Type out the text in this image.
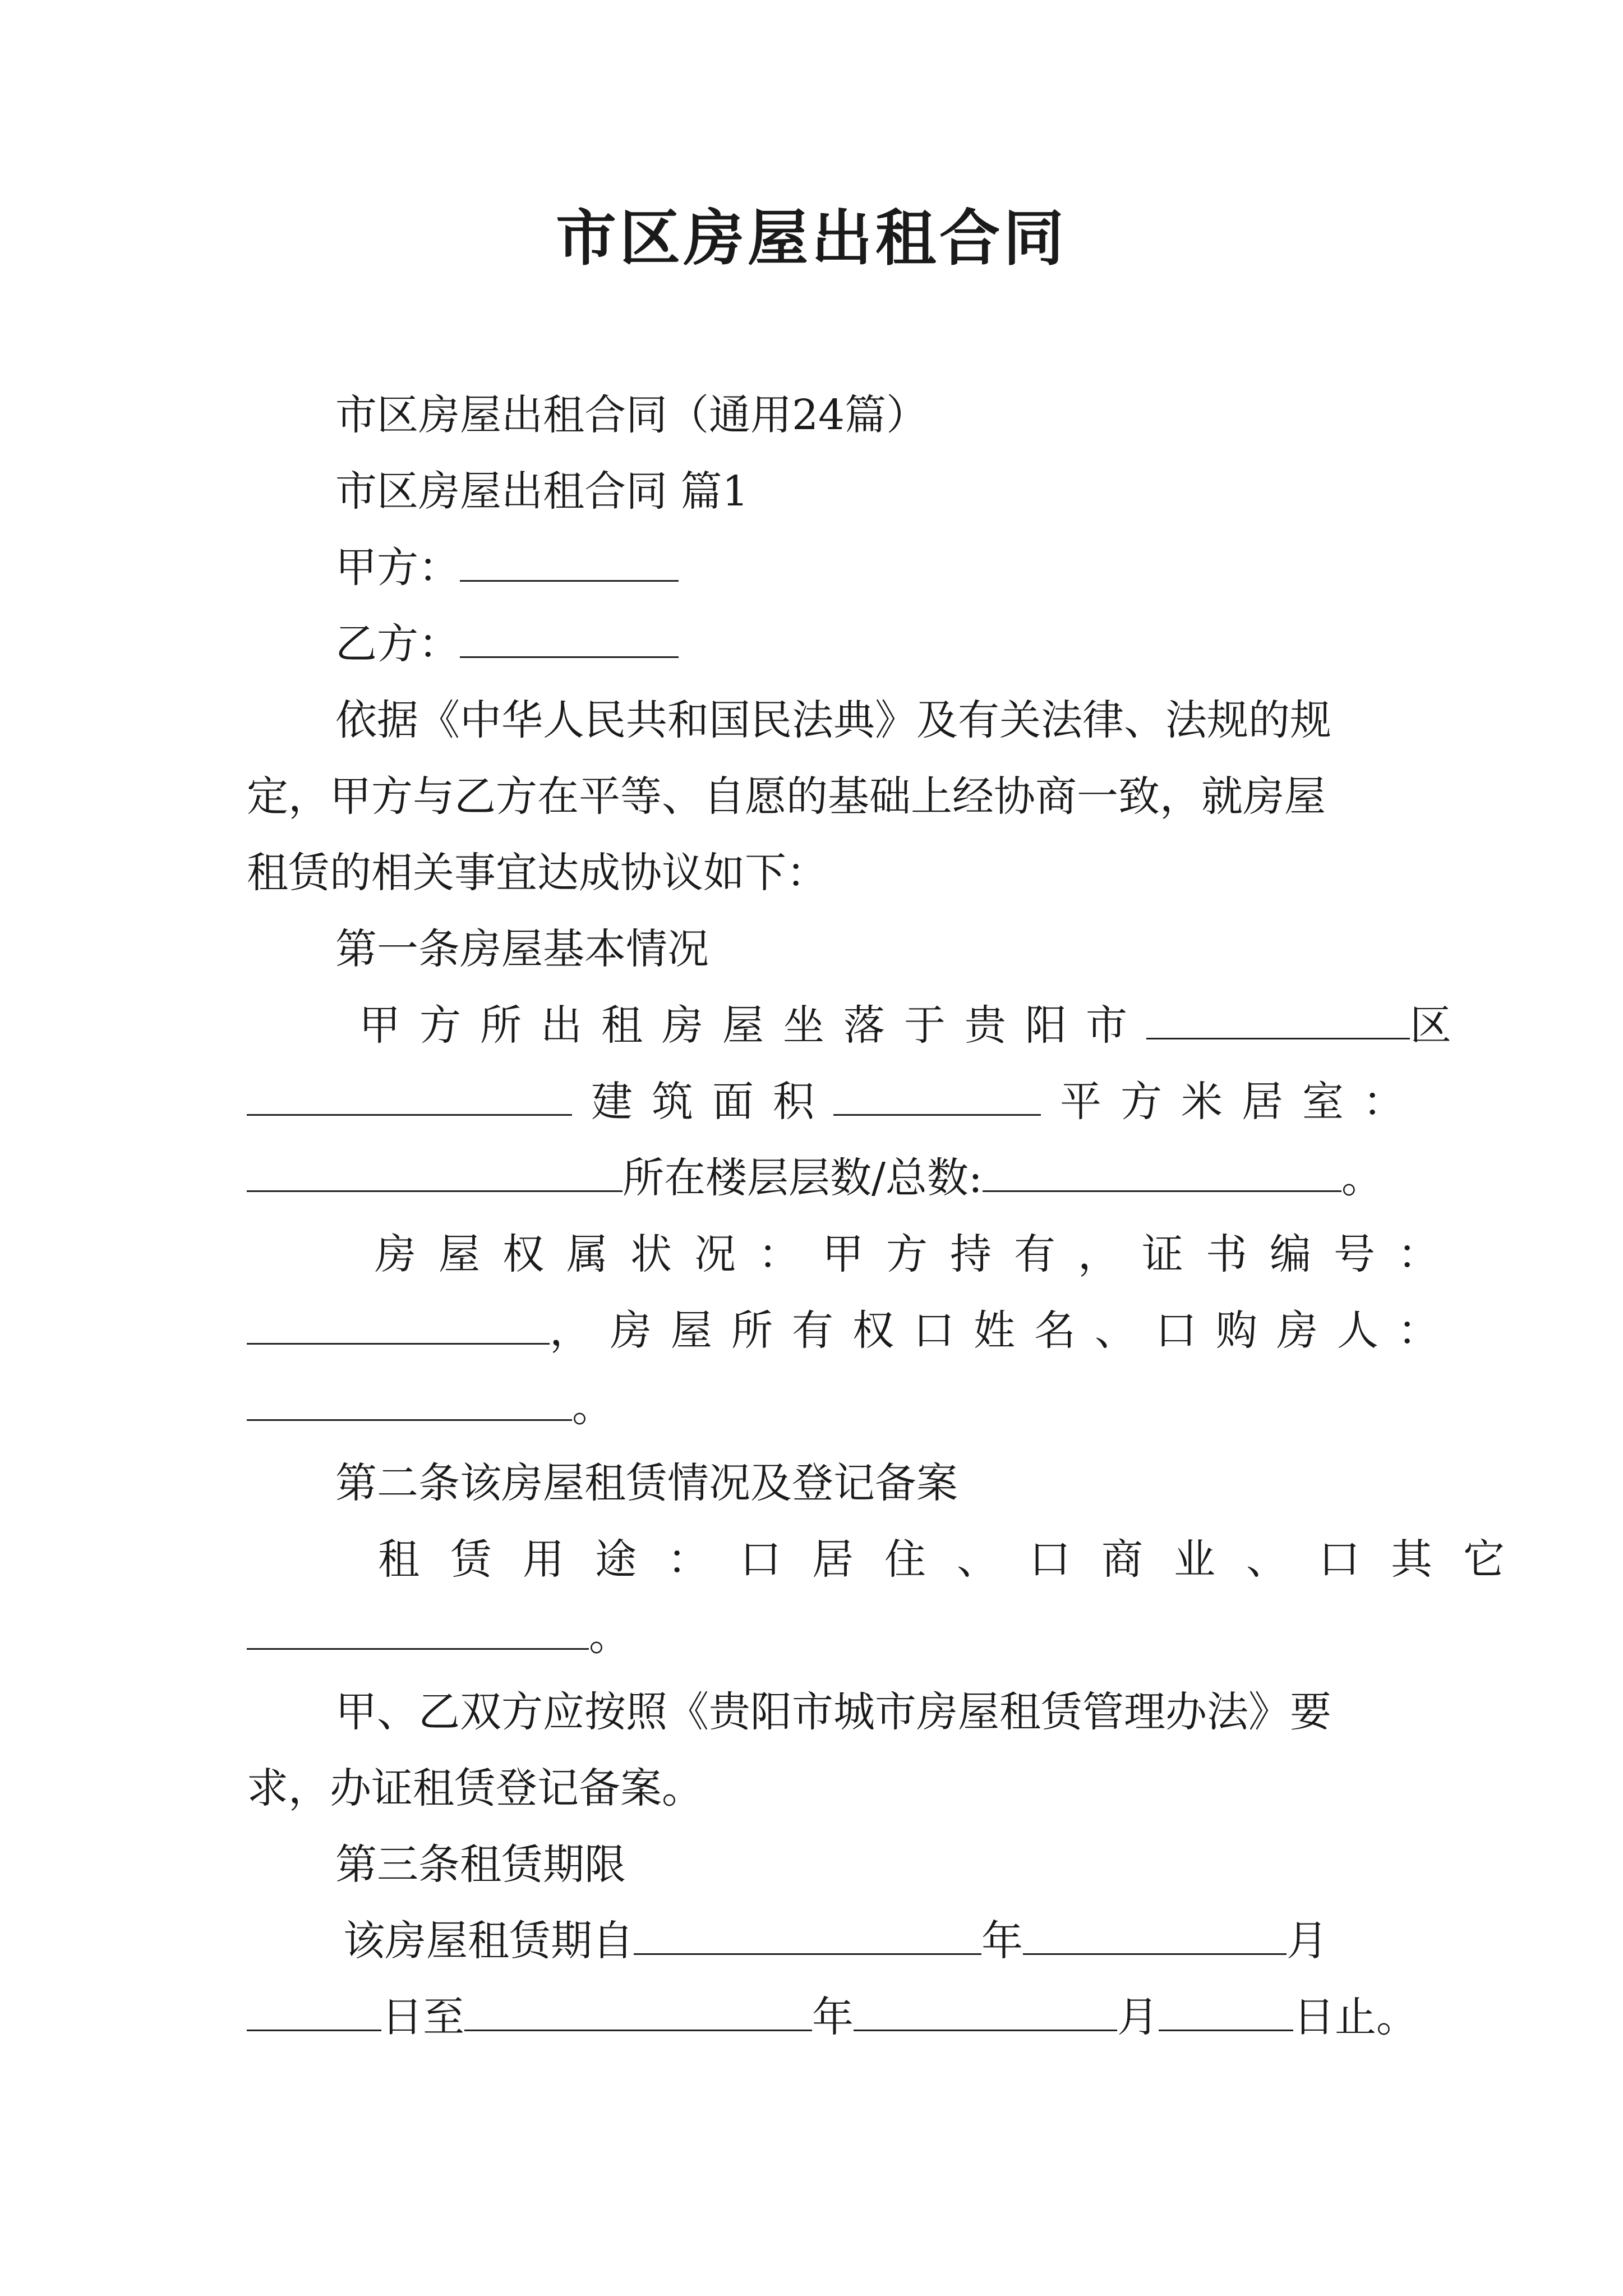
市区房屋出租合同
市区房屋出租合同（通用24篇）
市区房屋出租合同 篇1
甲方：
乙方：
依据《中华人民共和国民法典》及有关法律、法规的规
定，甲方与乙方在平等、自愿的基础上经协商一致，就房屋
租赁的相关事宜达成协议如下：
第一条房屋基本情况
甲方所出租房屋坐落于贵阳市	区
建筑面积	平方米居室：
所在楼层层数/总数:	。
房屋权属状况：甲方持有，证书编号：
，房屋所有权口姓名、口购房人：
。
第二条该房屋租赁情况及登记备案
租赁用途：口居住、口商业、口其它
。
甲、乙双方应按照《贵阳市城市房屋租赁管理办法》要
求，办证租赁登记备案。
第三条租赁期限
该房屋租赁期自	年	月
日至	年	月	日止。
